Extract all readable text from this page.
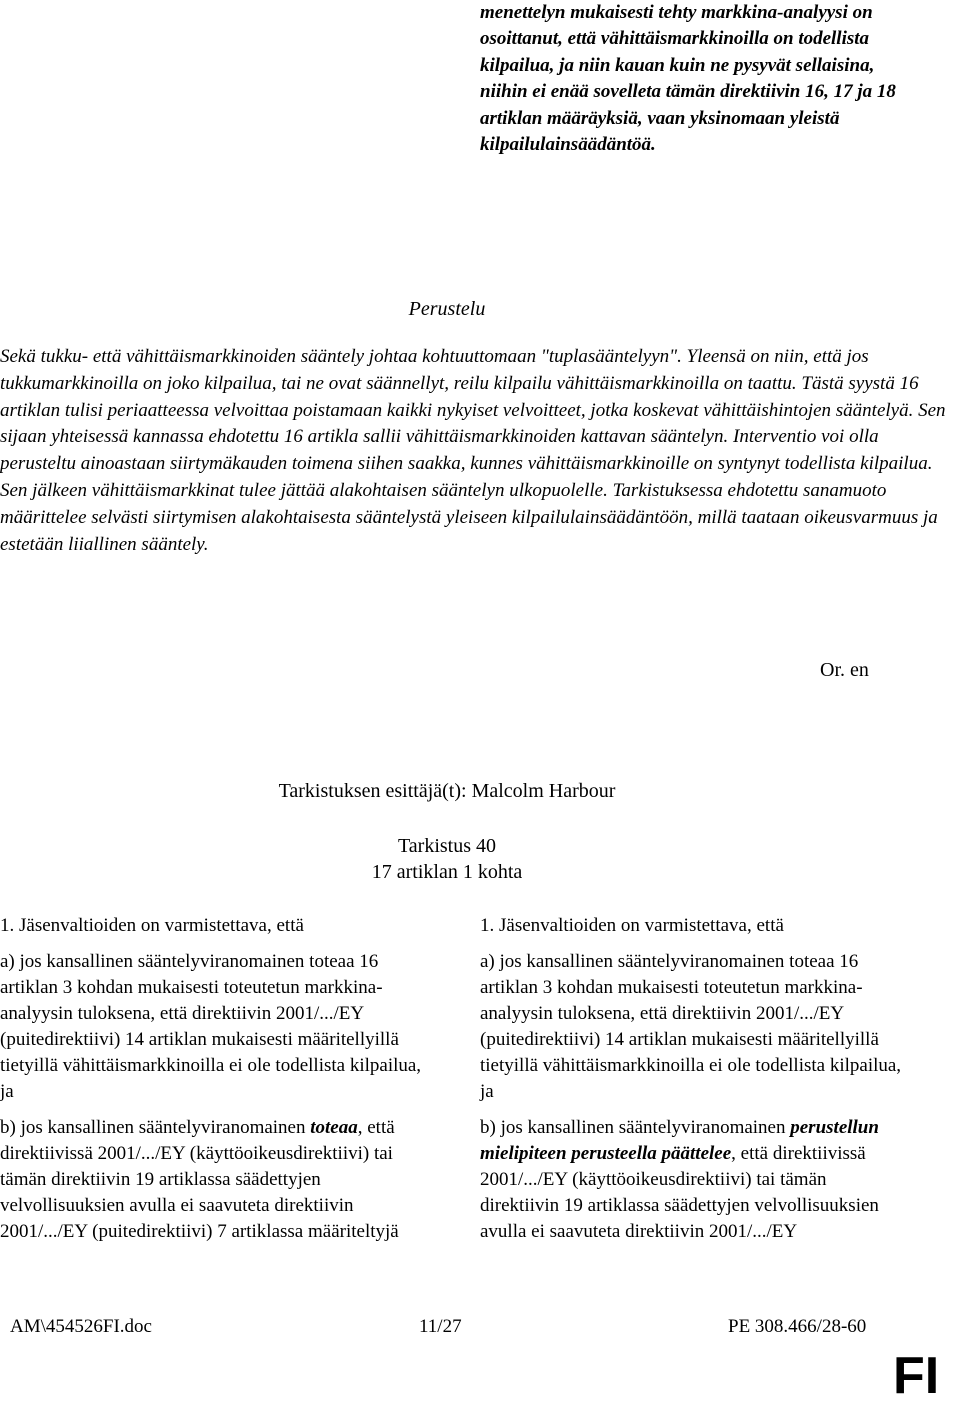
menettelyn mukaisesti tehty markkina-analyysi on osoittanut, että vähittäismarkkinoilla on todellista kilpailua, ja niin kauan kuin ne pysyvät sellaisina, niihin ei enää sovelleta tämän direktiivin 16, 17 ja 18 artiklan määräyksiä, vaan yksinomaan yleistä kilpailulainsäädäntöä.
Perustelu

Sekä tukku- että vähittäismarkkinoiden sääntely johtaa kohtuuttomaan "tuplasääntelyyn". Yleensä on niin, että jos tukkumarkkinoilla on joko kilpailua, tai ne ovat säännellyt, reilu kilpailu vähittäismarkkinoilla on taattu. Tästä syystä 16 artiklan tulisi periaatteessa velvoittaa poistamaan kaikki nykyiset velvoitteet, jotka koskevat vähittäishintojen sääntelyä. Sen sijaan yhteisessä kannassa ehdotettu 16 artikla sallii vähittäismarkkinoiden kattavan sääntelyn. Interventio voi olla perusteltu ainoastaan siirtymäkauden toimena siihen saakka, kunnes vähittäismarkkinoille on syntynyt todellista kilpailua. Sen jälkeen vähittäismarkkinat tulee jättää alakohtaisen sääntelyn ulkopuolelle. Tarkistuksessa ehdotettu sanamuoto määrittelee selvästi siirtymisen alakohtaisesta sääntelystä yleiseen kilpailulainsäädäntöön, millä taataan oikeusvarmuus ja estetään liiallinen sääntely.

Or. en
Tarkistuksen esittäjä(t): Malcolm Harbour
Tarkistus 40
17 artiklan 1 kohta

1. Jäsenvaltioiden on varmistettava, että

a) jos kansallinen sääntelyviranomainen toteaa 16 artiklan 3 kohdan mukaisesti toteutetun markkina-analyysin tuloksena, että direktiivin 2001/.../EY (puitedirektiivi) 14 artiklan mukaisesti määritellyillä tietyillä vähittäismarkkinoilla ei ole todellista kilpailua, ja

b) jos kansallinen sääntelyviranomainen toteaa, että direktiivissä 2001/.../EY (käyttöoikeusdirektiivi) tai tämän direktiivin 19 artiklassa säädettyjen velvollisuuksien avulla ei saavuteta direktiivin 2001/.../EY (puitedirektiivi) 7 artiklassa määriteltyjä

1. Jäsenvaltioiden on varmistettava, että

a) jos kansallinen sääntelyviranomainen toteaa 16 artiklan 3 kohdan mukaisesti toteutetun markkina-analyysin tuloksena, että direktiivin 2001/.../EY (puitedirektiivi) 14 artiklan mukaisesti määritellyillä tietyillä vähittäismarkkinoilla ei ole todellista kilpailua, ja

b) jos kansallinen sääntelyviranomainen perustellun mielipiteen perusteella päättelee, että direktiivissä 2001/.../EY (käyttöoikeusdirektiivi) tai tämän direktiivin 19 artiklassa säädettyjen velvollisuuksien avulla ei saavuteta direktiivin 2001/.../EY

AM\454526FI.doc	11/27	PE 308.466/28-60
FI
